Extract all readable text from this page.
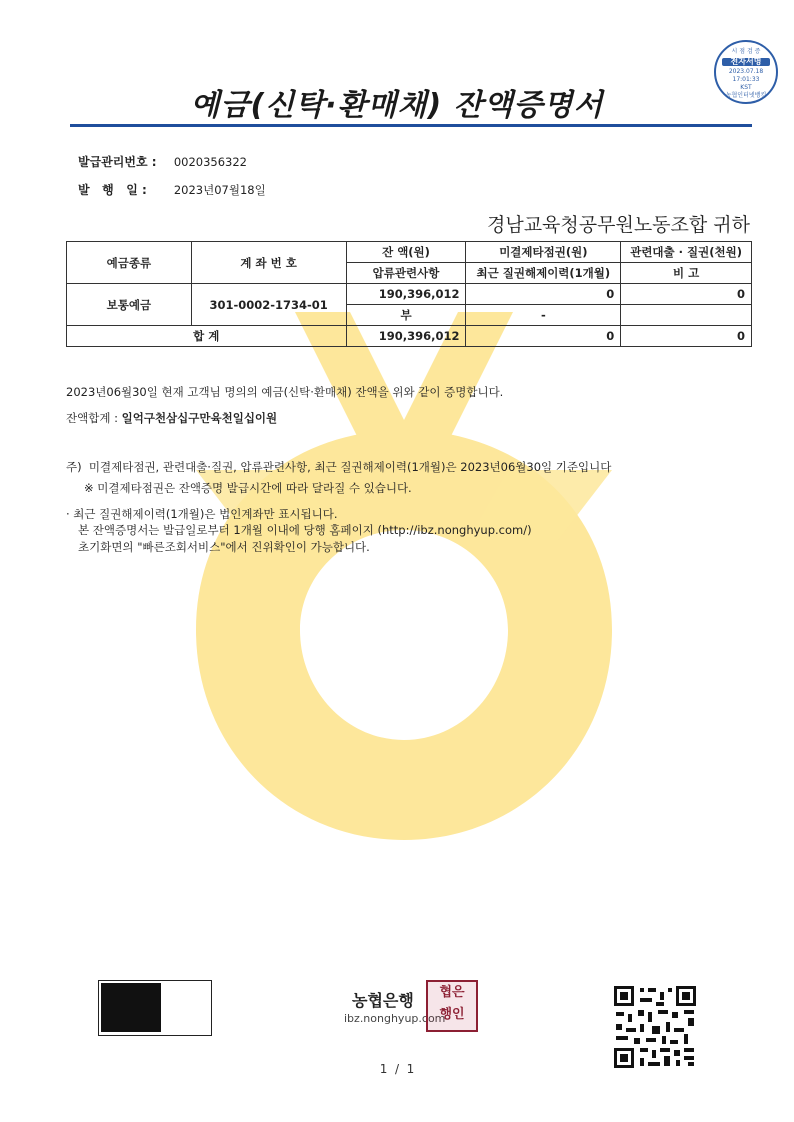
시 점 검 증
전자서명
2023.07.18
17:01:33
KST
농협인터넷뱅킹
예금(신탁·환매채) 잔액증명서
발급관리번호 : 0020356322
발   행   일 : 2023년07월18일
경남교육청공무원노동조합 귀하
예금종류	계 좌 번 호	잔 액(원)	미결제타점권(원)	관련대출 · 질권(천원)
		압류관련사항	최근 질권해제이력(1개월)	비 고
보통예금	301-0002-1734-01	190,396,012	0	0
		부	-	
합 계		190,396,012	0	0
2023년06월30일 현재 고객님 명의의 예금(신탁·환매채) 잔액을 위와 같이 증명합니다.
잔액합계 : 일억구천삼십구만육천일십이원
주)  미결제타점권, 관련대출·질권, 압류관련사항, 최근 질권해제이력(1개월)은 2023년06월30일 기준입니다
※ 미결제타점권은 잔액증명 발급시간에 따라 달라질 수 있습니다.
· 최근 질권해제이력(1개월)은 법인계좌만 표시됩니다.
본 잔액증명서는 발급일로부터 1개월 이내에 당행 홈페이지 (http://ibz.nonghyup.com/)
초기화면의 "빠른조회서비스"에서 진위확인이 가능합니다.
농협은행
ibz.nonghyup.com
협은
행인
1  /  1
